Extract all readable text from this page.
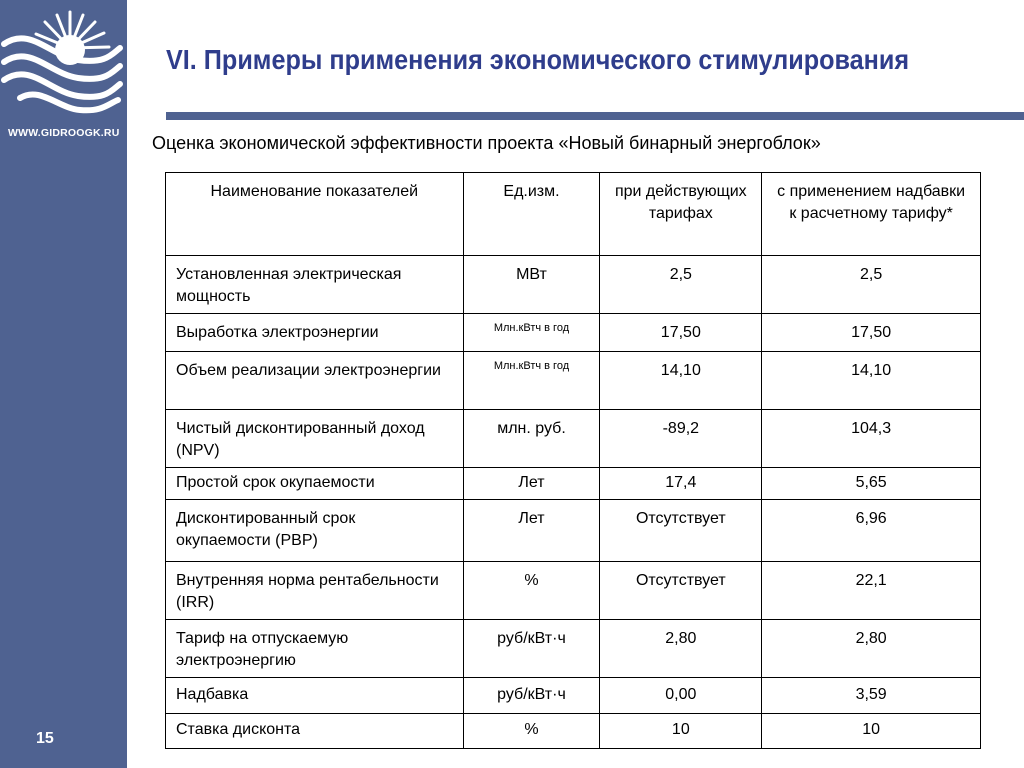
WWW.GIDROOGK.RU
15
VI. Примеры применения экономического стимулирования
Оценка экономической эффективности проекта «Новый бинарный энергоблок»
Наименование показателей	Ед.изм.	при действующих тарифах	с применением надбавки к расчетному тарифу*
Установленная электрическая мощность	МВт	2,5	2,5
Выработка электроэнергии	Млн.кВтч в год	17,50	17,50
Объем реализации электроэнергии	Млн.кВтч в год	14,10	14,10
Чистый дисконтированный доход (NPV)	млн. руб.	-89,2	104,3
Простой срок окупаемости	Лет	17,4	5,65
Дисконтированный срок окупаемости (PBP)	Лет	Отсутствует	6,96
Внутренняя норма рентабельности (IRR)	%	Отсутствует	22,1
Тариф на отпускаемую электроэнергию	руб/кВт·ч	2,80	2,80
Надбавка	руб/кВт·ч	0,00	3,59
Ставка дисконта	%	10	10
